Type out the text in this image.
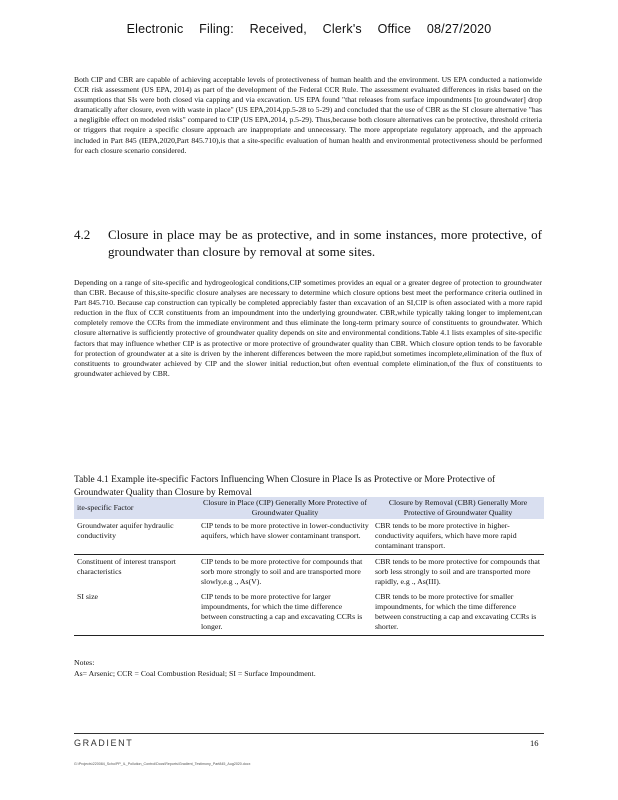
Electronic Filing: Received, Clerk's Office 08/27/2020
Both CIP and CBR are capable of achieving acceptable levels of protectiveness of human health and the environment. US EPA conducted a nationwide CCR risk assessment (US EPA, 2014) as part of the development of the Federal CCR Rule. The assessment evaluated differences in risks based on the assumptions that SIs were both closed via capping and via excavation. US EPA found "that releases from surface impoundments [to groundwater] drop dramatically after closure, even with waste in place" (US EPA,2014,pp.5-28 to 5-29) and concluded that the use of CBR as the SI closure alternative "has a negligible effect on modeled risks" compared to CIP (US EPA,2014, p.5-29). Thus,because both closure alternatives can be protective, threshold criteria or triggers that require a specific closure approach are inappropriate and unnecessary. The more appropriate regulatory approach, and the approach included in Part 845 (IEPA,2020,Part 845.710),is that a site-specific evaluation of human health and environmental protectiveness should be performed for each closure scenario considered.
4.2 Closure in place may be as protective, and in some instances, more protective, of groundwater than closure by removal at some sites.
Depending on a range of site-specific and hydrogeological conditions,CIP sometimes provides an equal or a greater degree of protection to groundwater than CBR. Because of this,site-specific closure analyses are necessary to determine which closure options best meet the performance criteria outlined in Part 845.710. Because cap construction can typically be completed appreciably faster than excavation of an SI,CIP is often associated with a more rapid reduction in the flux of CCR constituents from an impoundment into the underlying groundwater. CBR,while typically taking longer to implement,can completely remove the CCRs from the immediate environment and thus eliminate the long-term primary source of constituents to groundwater. Which closure alternative is sufficiently protective of groundwater quality depends on site and environmental conditions.Table 4.1 lists examples of site-specific factors that may influence whether CIP is as protective or more protective of groundwater quality than CBR. Which closure option tends to be favorable for protection of groundwater at a site is driven by the inherent differences between the more rapid,but sometimes incomplete,elimination of the flux of constituents to groundwater achieved by CIP and the slower initial reduction,but often eventual complete elimination,of the flux of constituents to groundwater achieved by CBR.
Table 4.1 Example ite-specific Factors Influencing When Closure in Place Is as Protective or More Protective of Groundwater Quality than Closure by Removal
ite-specific Factor	Closure in Place (CIP) Generally More Protective of Groundwater Quality	Closure by Removal (CBR) Generally More Protective of Groundwater Quality
Groundwater aquifer hydraulic conductivity	CIP tends to be more protective in lower-conductivity aquifers, which have slower contaminant transport.	CBR tends to be more protective in higher-conductivity aquifers, which have more rapid contaminant transport.
Constituent of interest transport characteristics	CIP tends to be more protective for compounds that sorb more strongly to soil and are transported more slowly,e.g ., As(V).	CBR tends to be more protective for compounds that sorb less strongly to soil and are transported more rapidly, e.g ., As(III).
SI size	CIP tends to be more protective for larger impoundments, for which the time difference between constructing a cap and excavating CCRs is longer.	CBR tends to be more protective for smaller impoundments, for which the time difference between constructing a cap and excavating CCRs is shorter.
Notes:
As= Arsenic; CCR = Coal Combustion Residual; SI = Surface Impoundment.
GRADIENT	16
G:\Projects\220084_Scho\PP_IL_Pollution_Control\Docs\Reports\Gradient_Testimony_Part845_Aug2020.docx
